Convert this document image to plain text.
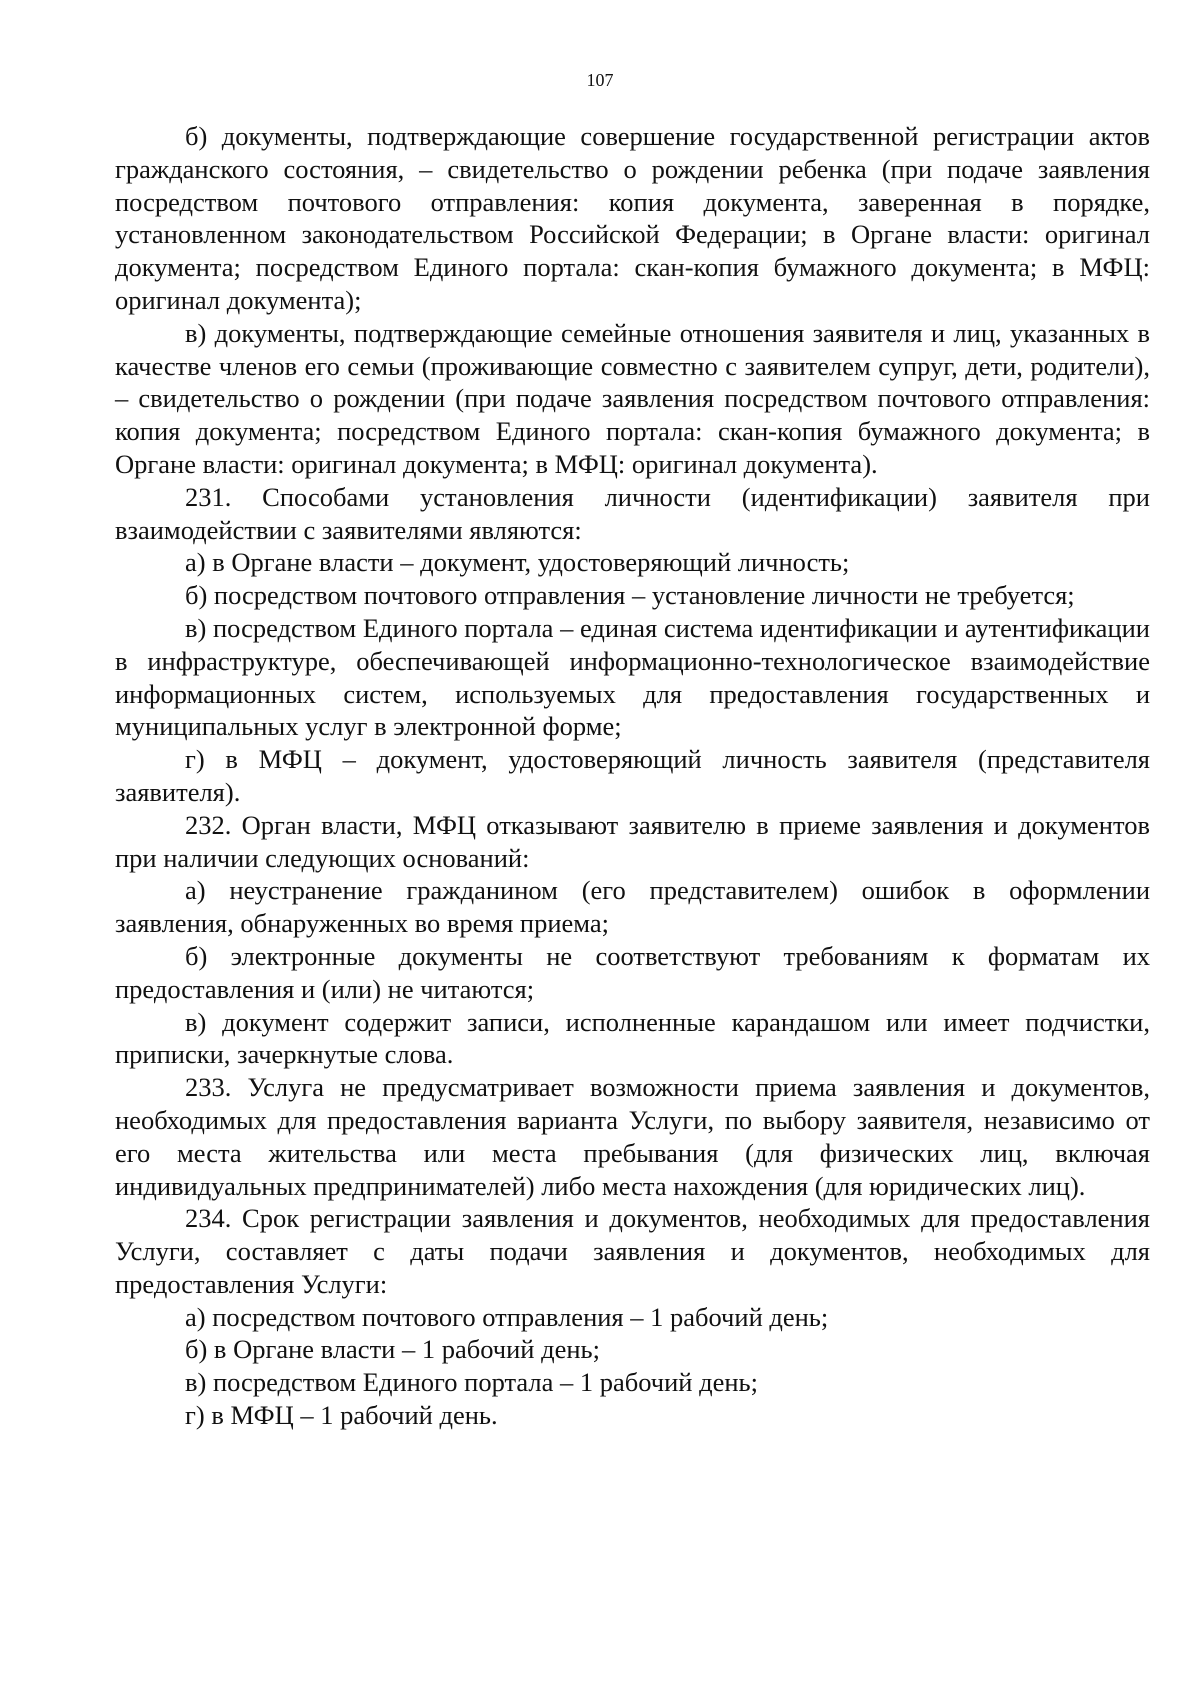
107

б) документы, подтверждающие совершение государственной регистрации актов гражданского состояния, – свидетельство о рождении ребенка (при подаче заявления посредством почтового отправления: копия документа, заверенная в порядке, установленном законодательством Российской Федерации; в Органе власти: оригинал документа; посредством Единого портала: скан-копия бумажного документа; в МФЦ: оригинал документа);

в) документы, подтверждающие семейные отношения заявителя и лиц, указанных в качестве членов его семьи (проживающие совместно с заявителем супруг, дети, родители), – свидетельство о рождении (при подаче заявления посредством почтового отправления: копия документа; посредством Единого портала: скан-копия бумажного документа; в Органе власти: оригинал документа; в МФЦ: оригинал документа).

231. Способами установления личности (идентификации) заявителя при взаимодействии с заявителями являются:

а) в Органе власти – документ, удостоверяющий личность;

б) посредством почтового отправления – установление личности не требуется;

в) посредством Единого портала – единая система идентификации и аутентификации в инфраструктуре, обеспечивающей информационно-технологическое взаимодействие информационных систем, используемых для предоставления государственных и муниципальных услуг в электронной форме;

г) в МФЦ – документ, удостоверяющий личность заявителя (представителя заявителя).

232. Орган власти, МФЦ отказывают заявителю в приеме заявления и документов при наличии следующих оснований:

а) неустранение гражданином (его представителем) ошибок в оформлении заявления, обнаруженных во время приема;

б) электронные документы не соответствуют требованиям к форматам их предоставления и (или) не читаются;

в) документ содержит записи, исполненные карандашом или имеет подчистки, приписки, зачеркнутые слова.

233. Услуга не предусматривает возможности приема заявления и документов, необходимых для предоставления варианта Услуги, по выбору заявителя, независимо от его места жительства или места пребывания (для физических лиц, включая индивидуальных предпринимателей) либо места нахождения (для юридических лиц).

234. Срок регистрации заявления и документов, необходимых для предоставления Услуги, составляет с даты подачи заявления и документов, необходимых для предоставления Услуги:

а) посредством почтового отправления – 1 рабочий день;

б) в Органе власти – 1 рабочий день;

в) посредством Единого портала – 1 рабочий день;

г) в МФЦ – 1 рабочий день.
